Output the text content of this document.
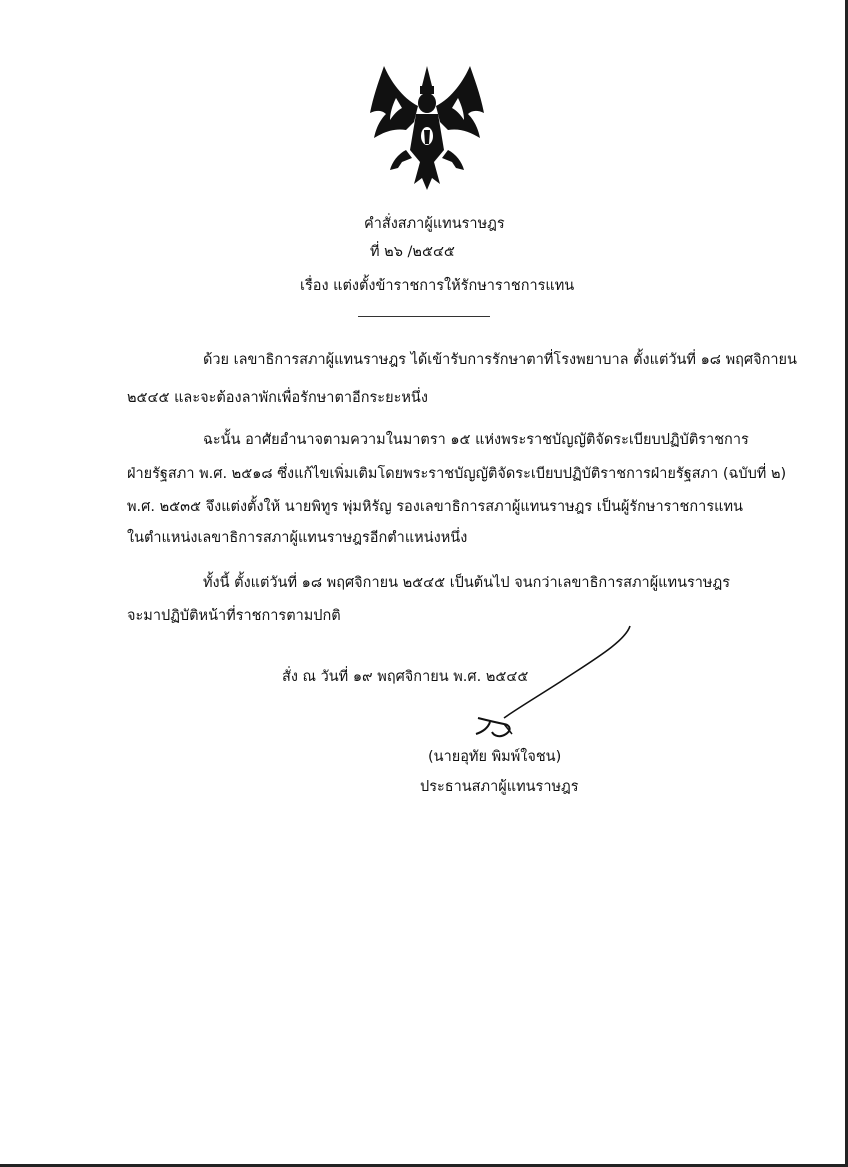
คำสั่งสภาผู้แทนราษฎร
ที่ ๒๖ /๒๕๔๕
เรื่อง แต่งตั้งข้าราชการให้รักษาราชการแทน
ด้วย เลขาธิการสภาผู้แทนราษฎร ได้เข้ารับการรักษาตาที่โรงพยาบาล ตั้งแต่วันที่ ๑๘ พฤศจิกายน
๒๕๔๕ และจะต้องลาพักเพื่อรักษาตาอีกระยะหนึ่ง
ฉะนั้น อาศัยอำนาจตามความในมาตรา ๑๕ แห่งพระราชบัญญัติจัดระเบียบปฏิบัติราชการ
ฝ่ายรัฐสภา พ.ศ. ๒๕๑๘ ซึ่งแก้ไขเพิ่มเติมโดยพระราชบัญญัติจัดระเบียบปฏิบัติราชการฝ่ายรัฐสภา (ฉบับที่ ๒)
พ.ศ. ๒๕๓๕ จึงแต่งตั้งให้ นายพิทูร พุ่มหิรัญ รองเลขาธิการสภาผู้แทนราษฎร เป็นผู้รักษาราชการแทน
ในตำแหน่งเลขาธิการสภาผู้แทนราษฎรอีกตำแหน่งหนึ่ง
ทั้งนี้ ตั้งแต่วันที่ ๑๘ พฤศจิกายน ๒๕๔๕ เป็นต้นไป จนกว่าเลขาธิการสภาผู้แทนราษฎร
จะมาปฏิบัติหน้าที่ราชการตามปกติ
สั่ง ณ วันที่ ๑๙ พฤศจิกายน พ.ศ. ๒๕๔๕
(นายอุทัย พิมพ์ใจชน)
ประธานสภาผู้แทนราษฎร
